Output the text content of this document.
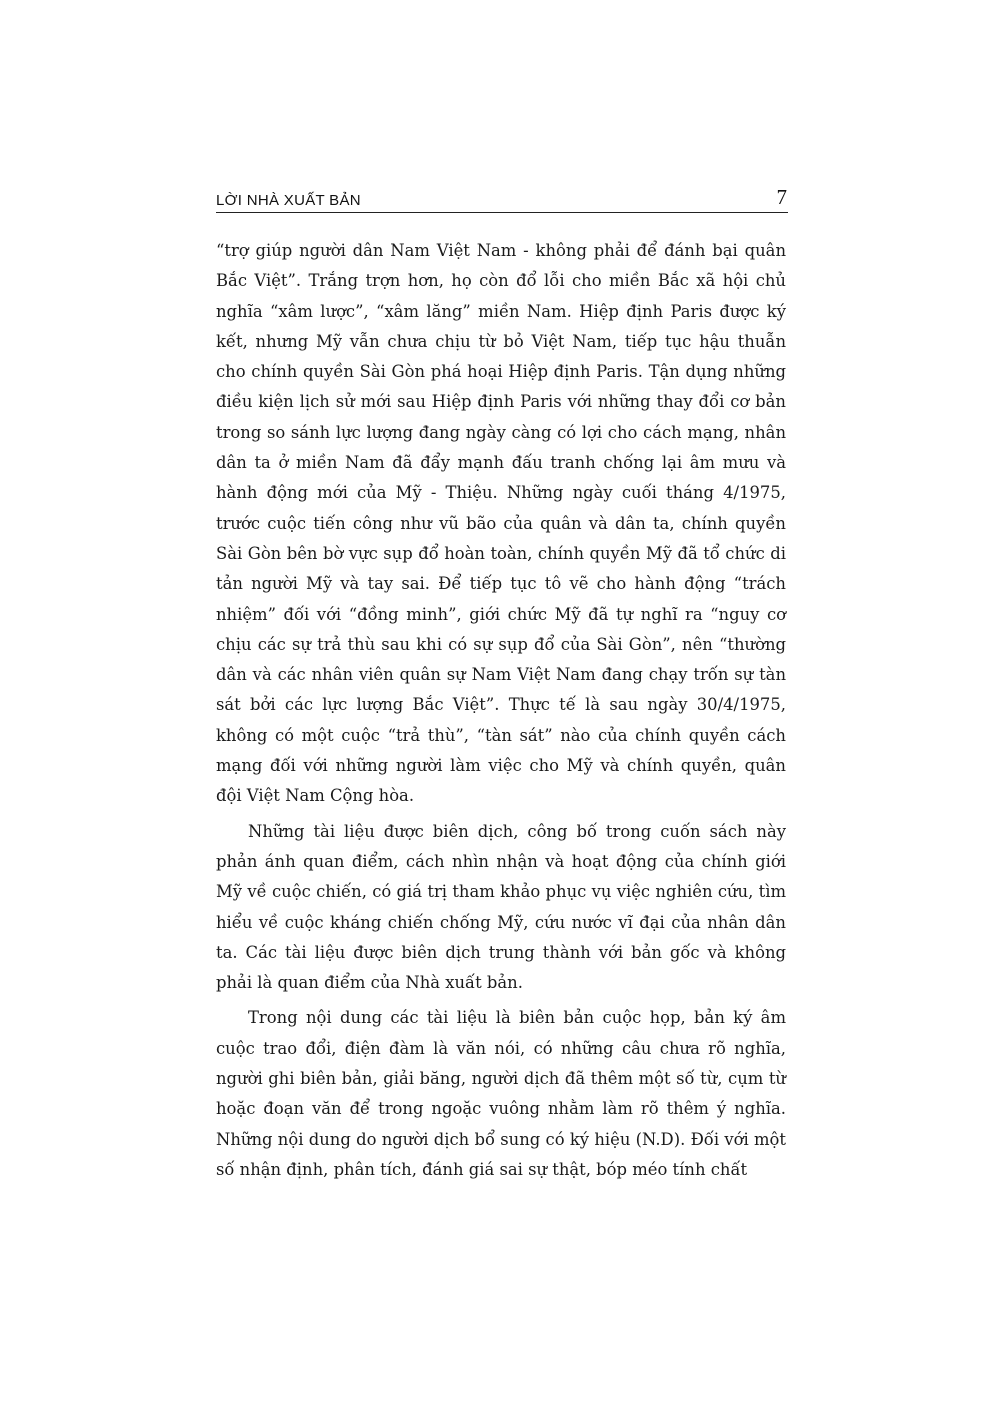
LỜI NHÀ XUẤT BẢN	7

“trợ giúp người dân Nam Việt Nam - không phải để đánh bại quân Bắc Việt”. Trắng trợn hơn, họ còn đổ lỗi cho miền Bắc xã hội chủ nghĩa “xâm lược”, “xâm lăng” miền Nam. Hiệp định Paris được ký kết, nhưng Mỹ vẫn chưa chịu từ bỏ Việt Nam, tiếp tục hậu thuẫn cho chính quyền Sài Gòn phá hoại Hiệp định Paris. Tận dụng những điều kiện lịch sử mới sau Hiệp định Paris với những thay đổi cơ bản trong so sánh lực lượng đang ngày càng có lợi cho cách mạng, nhân dân ta ở miền Nam đã đẩy mạnh đấu tranh chống lại âm mưu và hành động mới của Mỹ - Thiệu. Những ngày cuối tháng 4/1975, trước cuộc tiến công như vũ bão của quân và dân ta, chính quyền Sài Gòn bên bờ vực sụp đổ hoàn toàn, chính quyền Mỹ đã tổ chức di tản người Mỹ và tay sai. Để tiếp tục tô vẽ cho hành động “trách nhiệm” đối với “đồng minh”, giới chức Mỹ đã tự nghĩ ra “nguy cơ chịu các sự trả thù sau khi có sự sụp đổ của Sài Gòn”, nên “thường dân và các nhân viên quân sự Nam Việt Nam đang chạy trốn sự tàn sát bởi các lực lượng Bắc Việt”. Thực tế là sau ngày 30/4/1975, không có một cuộc “trả thù”, “tàn sát” nào của chính quyền cách mạng đối với những người làm việc cho Mỹ và chính quyền, quân đội Việt Nam Cộng hòa.

Những tài liệu được biên dịch, công bố trong cuốn sách này phản ánh quan điểm, cách nhìn nhận và hoạt động của chính giới Mỹ về cuộc chiến, có giá trị tham khảo phục vụ việc nghiên cứu, tìm hiểu về cuộc kháng chiến chống Mỹ, cứu nước vĩ đại của nhân dân ta. Các tài liệu được biên dịch trung thành với bản gốc và không phải là quan điểm của Nhà xuất bản.

Trong nội dung các tài liệu là biên bản cuộc họp, bản ký âm cuộc trao đổi, điện đàm là văn nói, có những câu chưa rõ nghĩa, người ghi biên bản, giải băng, người dịch đã thêm một số từ, cụm từ hoặc đoạn văn để trong ngoặc vuông nhằm làm rõ thêm ý nghĩa. Những nội dung do người dịch bổ sung có ký hiệu (N.D). Đối với một số nhận định, phân tích, đánh giá sai sự thật, bóp méo tính chất
